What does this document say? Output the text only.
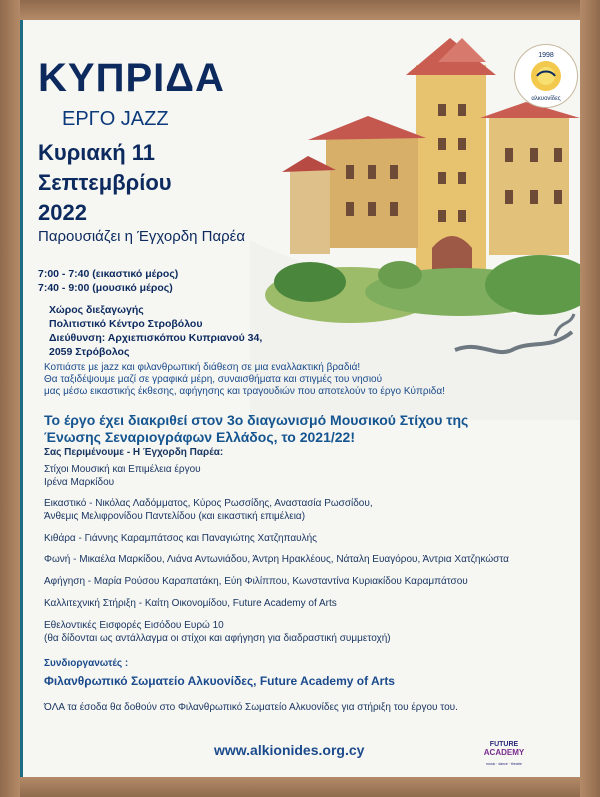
1998
αλκυονίδες

ΚΥΠΡΙΔΑ

ΕΡΓΟ JAZZ

Κυριακή 11
Σεπτεμβρίου
2022

Παρουσιάζει η Έγχορδη Παρέα

7:00 - 7:40 (εικαστικό μέρος)

7:40 - 9:00 (μουσικό μέρος)

Χώρος διεξαγωγής

Πολιτιστικό Κέντρο Στροβόλου

Διεύθυνση: Αρχιεπισκόπου Κυπριανού 34,

2059 Στρόβολος

Κοπιάστε με jazz και φιλανθρωπική διάθεση σε μια εναλλακτική βραδιά!

Θα ταξιδέψουμε μαζί σε γραφικά μέρη, συναισθήματα και στιγμές του νησιού

μας μέσω εικαστικής έκθεσης, αφήγησης και τραγουδιών που αποτελούν το έργο Κύπριδα!

Το έργο έχει διακριθεί στον 3ο διαγωνισμό Μουσικού Στίχου της

Ένωσης Σεναριογράφων Ελλάδος, το 2021/22!

Σας Περιμένουμε - Η Έγχορδη Παρέα:

Στίχοι Μουσική και Επιμέλεια έργου

Ιρένα Μαρκίδου

Εικαστικό - Νικόλας Λαδόμματος, Κύρος Ρωσσίδης, Αναστασία Ρωσσίδου,

Άνθεμις Μελιφρονίδου Παντελίδου (και εικαστική επιμέλεια)

Κιθάρα - Γιάννης Καραμπάτσος και Παναγιώτης Χατζηπαυλής

Φωνή - Μικαέλα Μαρκίδου, Λιάνα Αντωνιάδου, Άντρη Ηρακλέους, Νάταλη Ευαγόρου, Άντρια Χατζηκώστα

Αφήγηση - Μαρία Ρούσου Καραπατάκη, Εύη Φιλίππου, Κωνσταντίνα Κυριακίδου Καραμπάτσου

Καλλιτεχνική Στήριξη - Καίτη Οικονομίδου, Future Academy of Arts

Εθελοντικές Εισφορές Εισόδου Ευρώ 10

(θα δίδονται ως αντάλλαγμα οι στίχοι και αφήγηση για διαδραστική συμμετοχή)

Συνδιοργανωτές :

Φιλανθρωπικό Σωματείο Αλκυονίδες, Future Academy of Arts

ΌΛΑ τα έσοδα θα δοθούν στο Φιλανθρωπικό Σωματείο Αλκυονίδες για στήριξη του έργου του.

www.alkionides.org.cy	FUTURE
ACADEMY
music · dance · theatre
